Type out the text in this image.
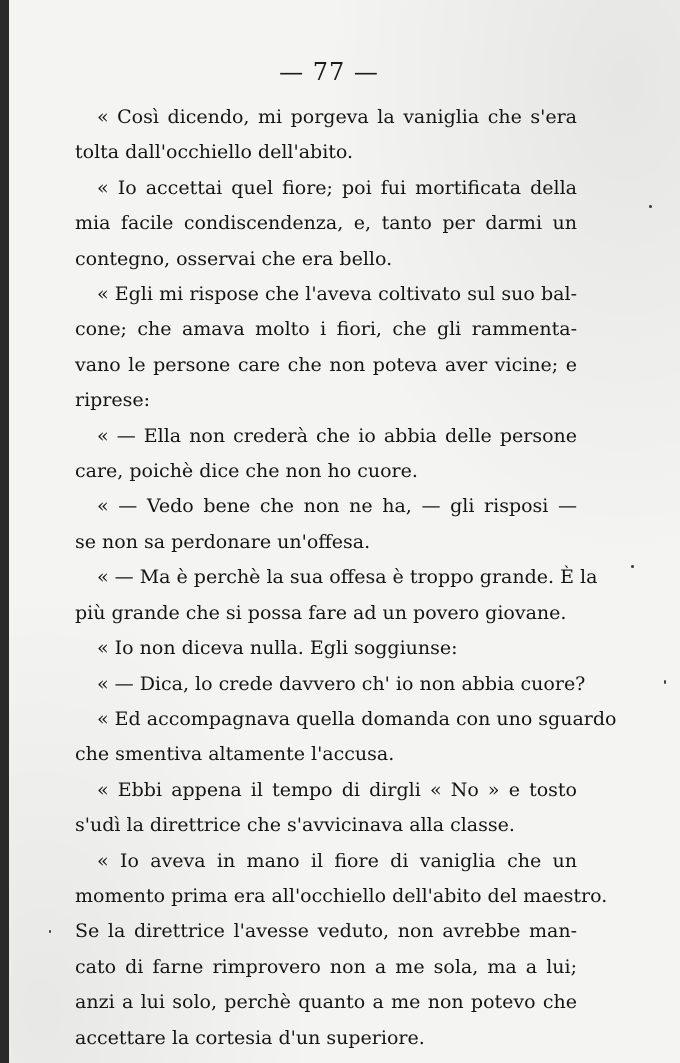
— 77 —
« Così dicendo, mi porgeva la vaniglia che s'era
tolta dall'occhiello dell'abito.
« Io accettai quel fiore; poi fui mortificata della
mia facile condiscendenza, e, tanto per darmi un
contegno, osservai che era bello.
« Egli mi rispose che l'aveva coltivato sul suo bal-
cone; che amava molto i fiori, che gli rammenta-
vano le persone care che non poteva aver vicine; e
riprese:
« — Ella non crederà che io abbia delle persone
care, poichè dice che non ho cuore.
« — Vedo bene che non ne ha, — gli risposi —
se non sa perdonare un'offesa.
« — Ma è perchè la sua offesa è troppo grande. È la
più grande che si possa fare ad un povero giovane.
« Io non diceva nulla. Egli soggiunse:
« — Dica, lo crede davvero ch' io non abbia cuore?
« Ed accompagnava quella domanda con uno sguardo
che smentiva altamente l'accusa.
« Ebbi appena il tempo di dirgli « No » e tosto
s'udì la direttrice che s'avvicinava alla classe.
« Io aveva in mano il fiore di vaniglia che un
momento prima era all'occhiello dell'abito del maestro.
Se la direttrice l'avesse veduto, non avrebbe man-
cato di farne rimprovero non a me sola, ma a lui;
anzi a lui solo, perchè quanto a me non potevo che
accettare la cortesia d'un superiore.
